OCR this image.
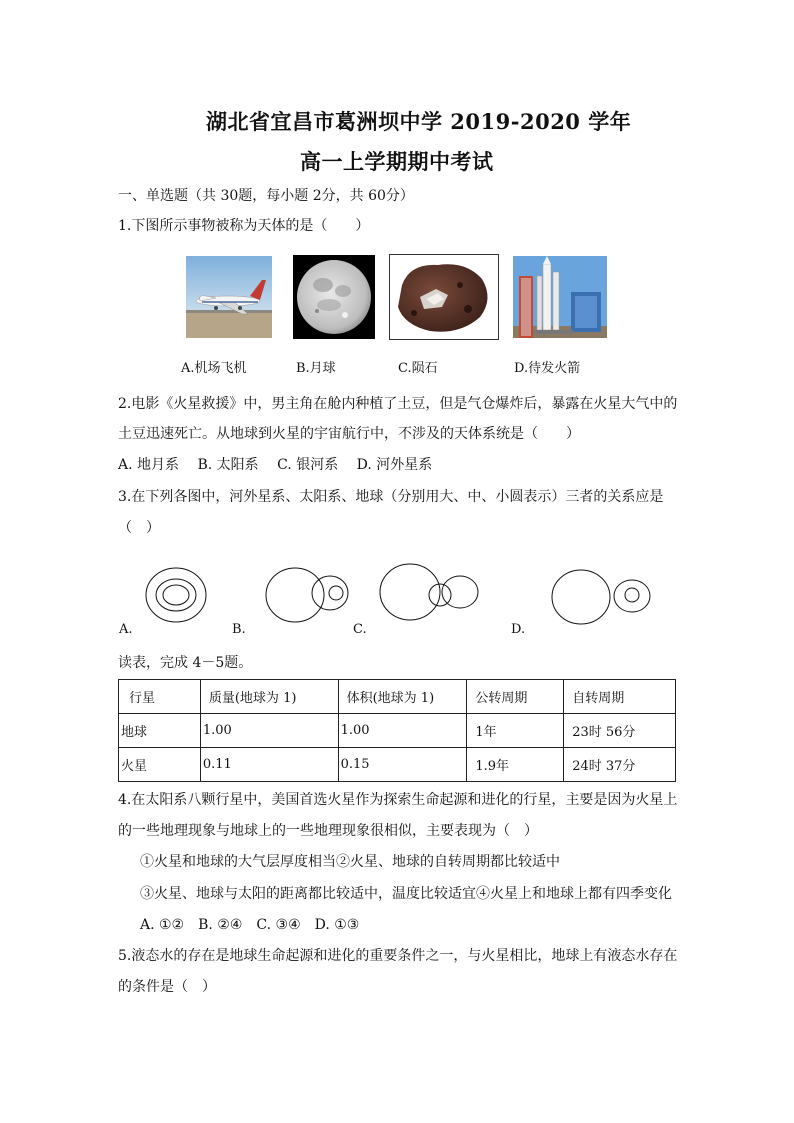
湖北省宜昌市葛洲坝中学 2019-2020 学年
高一上学期期中考试
一、单选题（共 30题，每小题 2分，共 60分）
1.下图所示事物被称为天体的是（　　）
A.机场飞机	B.月球	C.陨石	D.待发火箭
2.电影《火星救援》中，男主角在舱内种植了土豆，但是气仓爆炸后，暴露在火星大气中的
土豆迅速死亡。从地球到火星的宇宙航行中，不涉及的天体系统是（　　）
A. 地月系　 B. 太阳系　 C. 银河系　 D. 河外星系
3.在下列各图中，河外星系、太阳系、地球（分别用大、中、小圆表示）三者的关系应是
（　）
A.	B.	C.	D.
读表，完成 4－5题。
行星	质量(地球为 1)	体积(地球为 1)	公转周期	自转周期
地球	1.00	1.00	1年	23时 56分
火星	0.11	0.15	1.9年	24时 37分
4.在太阳系八颗行星中，美国首选火星作为探索生命起源和进化的行星，主要是因为火星上
的一些地理现象与地球上的一些地理现象很相似，主要表现为（　）
①火星和地球的大气层厚度相当②火星、地球的自转周期都比较适中
③火星、地球与太阳的距离都比较适中，温度比较适宜④火星上和地球上都有四季变化
A. ①②　B. ②④　C. ③④　D. ①③
5.液态水的存在是地球生命起源和进化的重要条件之一，与火星相比，地球上有液态水存在
的条件是（　）
